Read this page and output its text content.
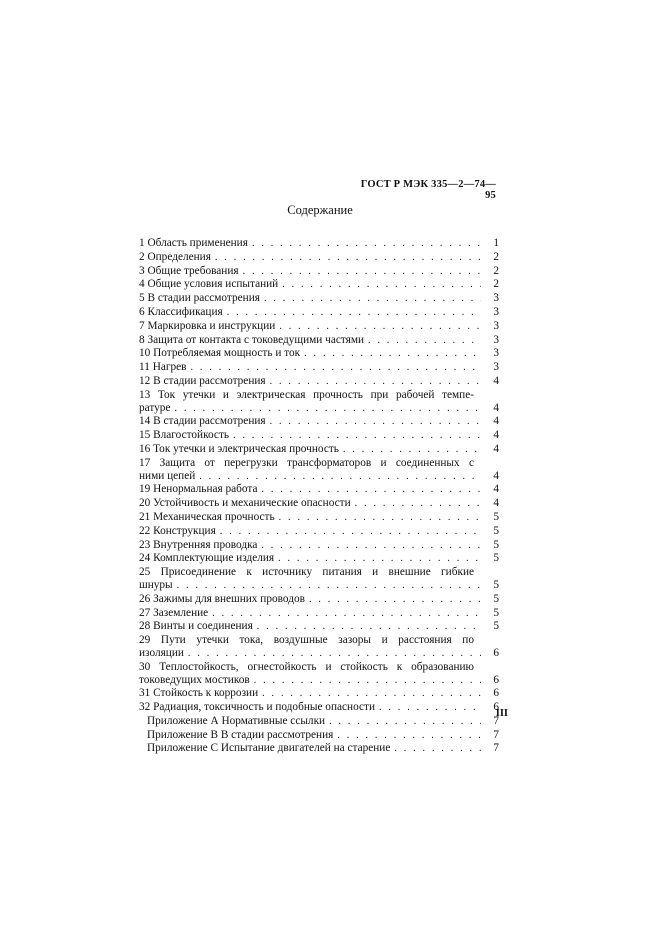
ГОСТ Р МЭК 335—2—74—95
Содержание
1 Область применения . . .	1
2 Определения . . .	2
3 Общие требования . . .	2
4 Общие условия испытаний . . .	2
5 В стадии рассмотрения . . .	3
6 Классификация . . .	3
7 Маркировка и инструкции . . .	3
8 Защита от контакта с токоведущими частями . . .	3
10 Потребляемая мощность и ток . . .	3
11 Нагрев . . .	3
12 В стадии рассмотрения . . .	4
13 Ток утечки и электрическая прочность при рабочей темпе-
ратуре . . .	4
14 В стадии рассмотрения . . .	4
15 Влагостойкость . . .	4
16 Ток утечки и электрическая прочность . . .	4
17 Защита от перегрузки трансформаторов и соединенных с
ними цепей . . .	4
19 Ненормальная работа . . .	4
20 Устойчивость и механические опасности . . .	4
21 Механическая прочность . . .	5
22 Конструкция . . .	5
23 Внутренняя проводка . . .	5
24 Комплектующие изделия . . .	5
25 Присоединение к источнику питания и внешние гибкие
шнуры . . .	5
26 Зажимы для внешних проводов . . .	5
27 Заземление . . .	5
28 Винты и соединения . . .	5
29 Пути утечки тока, воздушные зазоры и расстояния по
изоляции . . .	6
30 Теплостойкость, огнестойкость и стойкость к образованию
токоведущих мостиков . . .	6
31 Стойкость к коррозии . . .	6
32 Радиация, токсичность и подобные опасности . . .	6
Приложение А Нормативные ссылки . . .	7
Приложение В В стадии рассмотрения . . .	7
Приложение С Испытание двигателей на старение . . .	7
III
